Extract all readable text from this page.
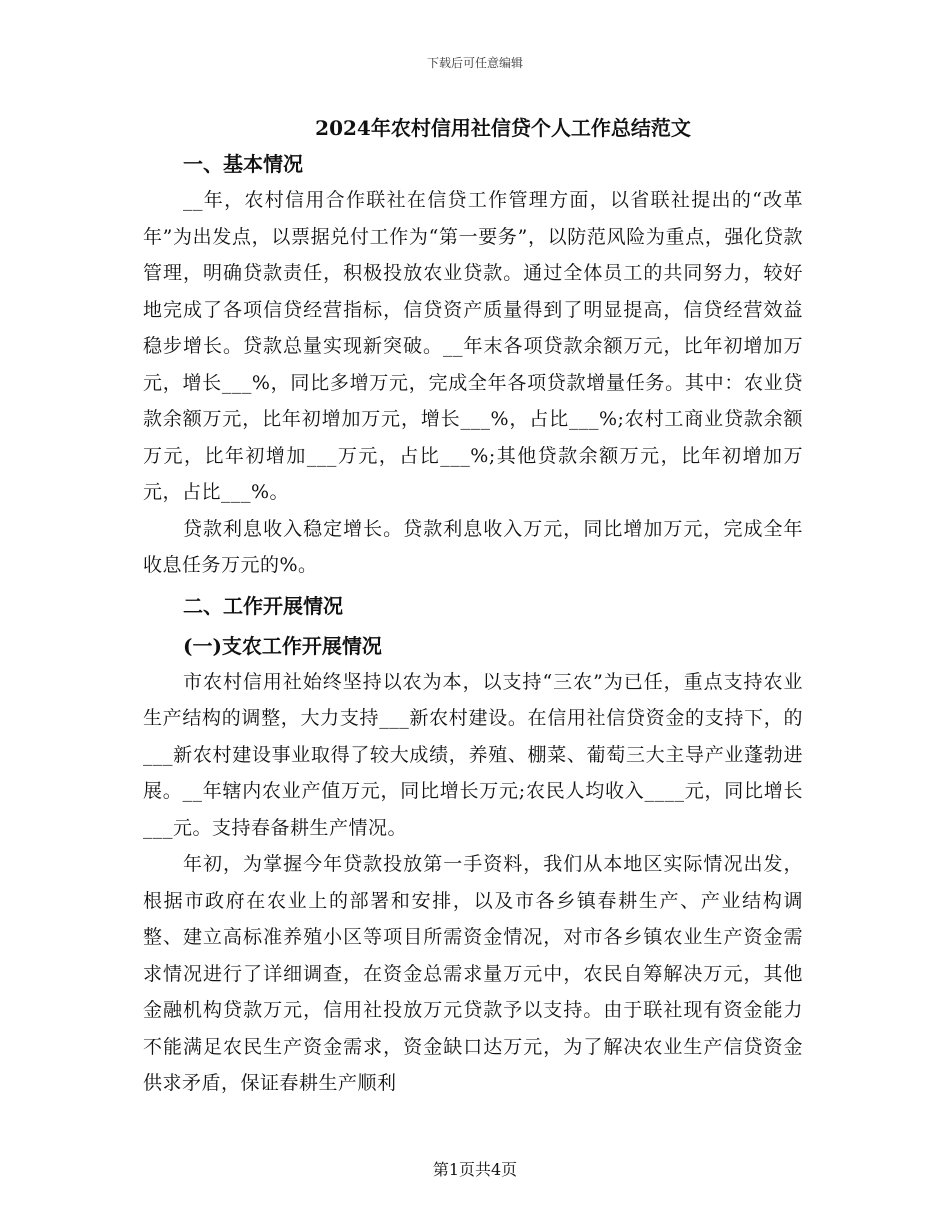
下载后可任意编辑
2024年农村信用社信贷个人工作总结范文
一、基本情况

__年，农村信用合作联社在信贷工作管理方面，以省联社提出的“改革年”为出发点，以票据兑付工作为“第一要务”，以防范风险为重点，强化贷款管理，明确贷款责任，积极投放农业贷款。通过全体员工的共同努力，较好地完成了各项信贷经营指标，信贷资产质量得到了明显提高，信贷经营效益稳步增长。贷款总量实现新突破。__年末各项贷款余额万元，比年初增加万元，增长___%，同比多增万元，完成全年各项贷款增量任务。其中：农业贷款余额万元，比年初增加万元，增长___%，占比___%;农村工商业贷款余额万元，比年初增加___万元，占比___%;其他贷款余额万元，比年初增加万元，占比___%。

贷款利息收入稳定增长。贷款利息收入万元，同比增加万元，完成全年收息任务万元的%。

二、工作开展情况
(一)支农工作开展情况

市农村信用社始终坚持以农为本，以支持“三农”为已任，重点支持农业生产结构的调整，大力支持___新农村建设。在信用社信贷资金的支持下，的___新农村建设事业取得了较大成绩，养殖、棚菜、葡萄三大主导产业蓬勃进展。__年辖内农业产值万元，同比增长万元;农民人均收入____元，同比增长___元。支持春备耕生产情况。

年初，为掌握今年贷款投放第一手资料，我们从本地区实际情况出发，根据市政府在农业上的部署和安排，以及市各乡镇春耕生产、产业结构调整、建立高标准养殖小区等项目所需资金情况，对市各乡镇农业生产资金需求情况进行了详细调查，在资金总需求量万元中，农民自筹解决万元，其他金融机构贷款万元，信用社投放万元贷款予以支持。由于联社现有资金能力不能满足农民生产资金需求，资金缺口达万元，为了解决农业生产信贷资金供求矛盾，保证春耕生产顺利

第1页共4页
